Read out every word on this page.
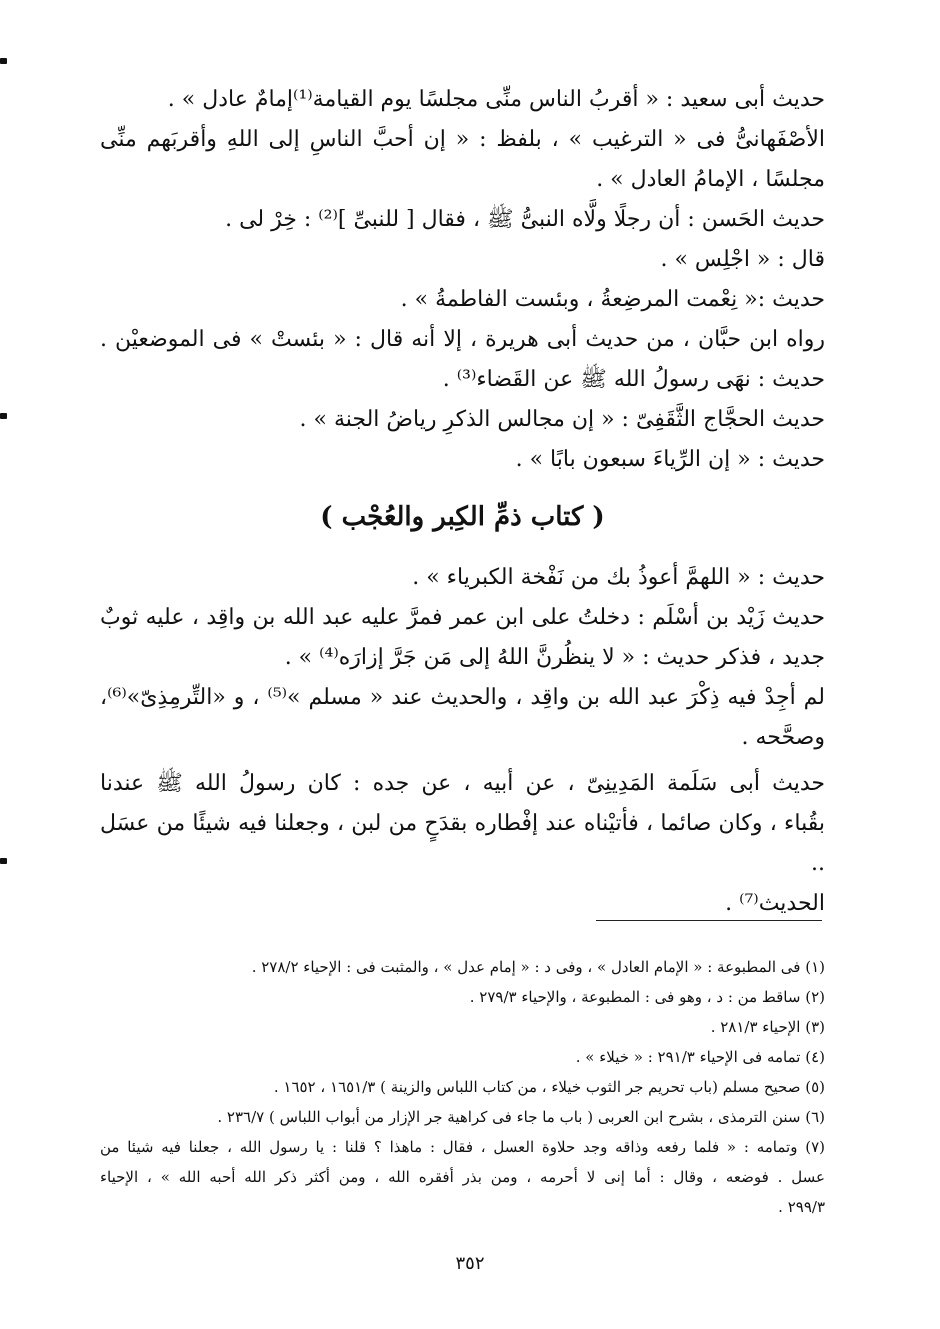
حديث أبى سعيد : « أقربُ الناس منِّى مجلسًا يوم القيامة⁽¹⁾إمامٌ عادل » .

الأصْفَهانىُّ فى « الترغيب » ، بلفظ : « إن أحبَّ الناسِ إلى اللهِ وأقربَهم منِّى

مجلسًا ، الإمامُ العادل » .

حديث الحَسن : أن رجلًا ولَّاه النبىُّ ﷺ ، فقال [ للنبىِّ ]⁽²⁾ : خِرْ لى .

قال : « اجْلِس » .

حديث :« نِعْمت المرضِعةُ ، وبئست الفاطمةُ » .

رواه ابن حبَّان ، من حديث أبى هريرة ، إلا أنه قال : « بئستْ » فى الموضعيْن .

حديث : نهَى رسولُ الله ﷺ عن القَضاء⁽³⁾ .

حديث الحجَّاج الثَّقَفِىّ : « إن مجالس الذكرِ رياضُ الجنة » .

حديث : « إن الرِّياءَ سبعون بابًا » .

( كتاب ذمِّ الكِبر والعُجْب )

حديث : « اللهمَّ أعوذُ بك من نَفْخة الكبرياء » .

حديث زَيْد بن أسْلَم : دخلتُ على ابن عمر فمرَّ عليه عبد الله بن واقِد ، عليه ثوبٌ

جديد ، فذكر حديث : « لا ينظُرنَّ اللهُ إلى مَن جَرَّ إزارَه⁽⁴⁾ » .

لم أجِدْ فيه ذِكْرَ عبد الله بن واقِد ، والحديث عند « مسلم »⁽⁵⁾ ، و «التِّرمِذِىّ»⁽⁶⁾،

وصحَّحه .

حديث أبى سَلَمة المَدِينِىّ ، عن أبيه ، عن جده : كان رسولُ الله ﷺ عندنا

بقُباء ، وكان صائما ، فأتيْناه عند إفْطاره بقدَحٍ من لبن ، وجعلنا فيه شيئًا من عسَل ..

الحديث⁽⁷⁾ .

(١) فى المطبوعة : « الإمام العادل » ، وفى د : « إمام عدل » ، والمثبت فى : الإحياء ٢٧٨/٢ .

(٢) ساقط من : د ، وهو فى : المطبوعة ، والإحياء ٢٧٩/٣ .

(٣) الإحياء ٢٨١/٣ .

(٤) تمامه فى الإحياء ٢٩١/٣ : « خيلاء » .

(٥) صحيح مسلم (باب تحريم جر الثوب خيلاء ، من كتاب اللباس والزينة ) ١٦٥١/٣ ، ١٦٥٢ .

(٦) سنن الترمذى ، بشرح ابن العربى ( باب ما جاء فى كراهية جر الإزار من أبواب اللباس ) ٢٣٦/٧ .

(٧) وتمامه : « فلما رفعه وذاقه وجد حلاوة العسل ، فقال : ماهذا ؟ قلنا : يا رسول الله ، جعلنا فيه شيئا من

عسل . فوضعه ، وقال : أما إنى لا أحرمه ، ومن بذر أفقره الله ، ومن أكثر ذكر الله أحبه الله » ، الإحياء

٢٩٩/٣ .

٣٥٢
